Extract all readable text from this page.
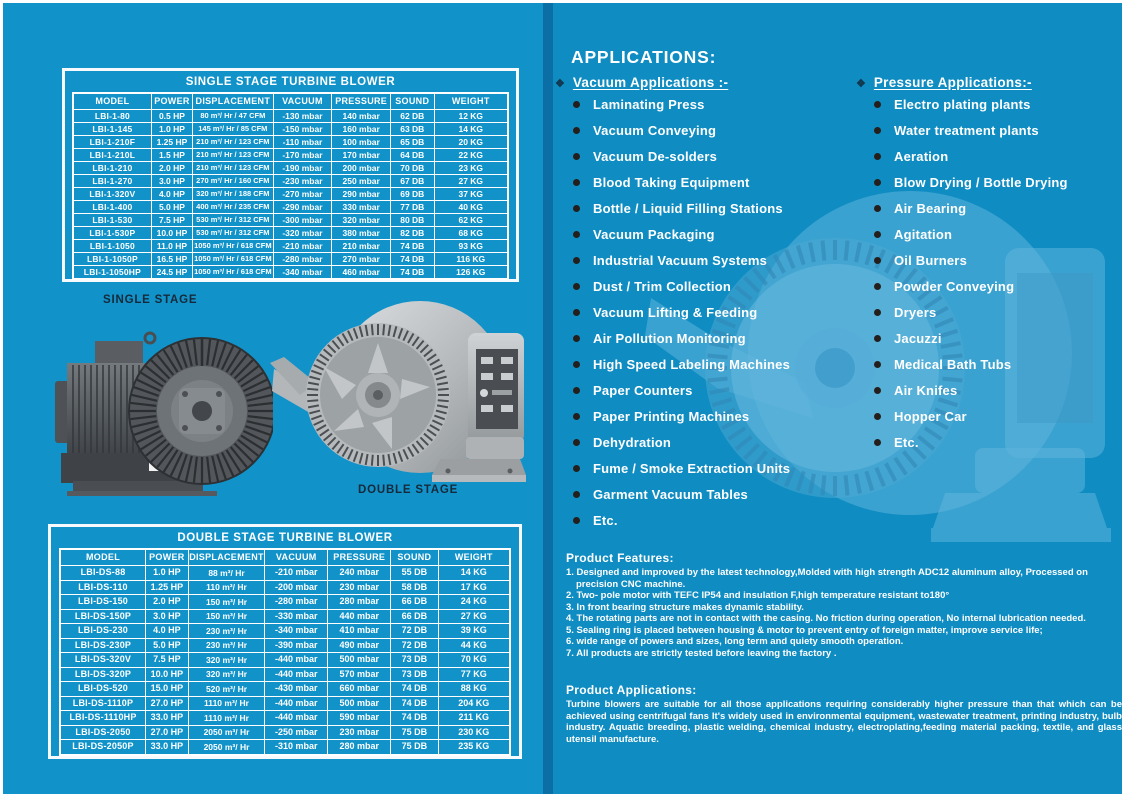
SINGLE STAGE TURBINE BLOWER
MODEL	POWER	DISPLACEMENT	VACUUM	PRESSURE	SOUND	WEIGHT
LBI-1-80	0.5 HP	80 m³/ Hr / 47 CFM	-130 mbar	140 mbar	62 DB	12 KG
LBI-1-145	1.0 HP	145 m³/ Hr / 85 CFM	-150 mbar	160 mbar	63 DB	14 KG
LBI-1-210F	1.25 HP	210 m³/ Hr / 123 CFM	-110 mbar	100 mbar	65 DB	20 KG
LBI-1-210L	1.5 HP	210 m³/ Hr / 123 CFM	-170 mbar	170 mbar	64 DB	22 KG
LBI-1-210	2.0 HP	210 m³/ Hr / 123 CFM	-190 mbar	200 mbar	70 DB	23 KG
LBI-1-270	3.0 HP	270 m³/ Hr / 160 CFM	-230 mbar	250 mbar	67 DB	27 KG
LBI-1-320V	4.0 HP	320 m³/ Hr / 188 CFM	-270 mbar	290 mbar	69 DB	37 KG
LBI-1-400	5.0 HP	400 m³/ Hr / 235 CFM	-290 mbar	330 mbar	77 DB	40 KG
LBI-1-530	7.5 HP	530 m³/ Hr / 312 CFM	-300 mbar	320 mbar	80 DB	62 KG
LBI-1-530P	10.0 HP	530 m³/ Hr / 312 CFM	-320 mbar	380 mbar	82 DB	68 KG
LBI-1-1050	11.0 HP	1050 m³/ Hr / 618 CFM	-210 mbar	210 mbar	74 DB	93 KG
LBI-1-1050P	16.5 HP	1050 m³/ Hr / 618 CFM	-280 mbar	270 mbar	74 DB	116 KG
LBI-1-1050HP	24.5 HP	1050 m³/ Hr / 618 CFM	-340 mbar	460 mbar	74 DB	126 KG
SINGLE STAGE
DOUBLE STAGE
DOUBLE STAGE TURBINE BLOWER
MODEL	POWER	DISPLACEMENT	VACUUM	PRESSURE	SOUND	WEIGHT
LBI-DS-88	1.0 HP	88 m³/ Hr	-210 mbar	240 mbar	55 DB	14 KG
LBI-DS-110	1.25 HP	110 m³/ Hr	-200 mbar	230 mbar	58 DB	17 KG
LBI-DS-150	2.0 HP	150 m³/ Hr	-280 mbar	280 mbar	66 DB	24 KG
LBI-DS-150P	3.0 HP	150 m³/ Hr	-330 mbar	440 mbar	66 DB	27 KG
LBI-DS-230	4.0 HP	230 m³/ Hr	-340 mbar	410 mbar	72 DB	39 KG
LBI-DS-230P	5.0 HP	230 m³/ Hr	-390 mbar	490 mbar	72 DB	44 KG
LBI-DS-320V	7.5 HP	320 m³/ Hr	-440 mbar	500 mbar	73 DB	70 KG
LBI-DS-320P	10.0 HP	320 m³/ Hr	-440 mbar	570 mbar	73 DB	77 KG
LBI-DS-520	15.0 HP	520 m³/ Hr	-430 mbar	660 mbar	74 DB	88 KG
LBI-DS-1110P	27.0 HP	1110 m³/ Hr	-440 mbar	500 mbar	74 DB	204 KG
LBI-DS-1110HP	33.0 HP	1110 m³/ Hr	-440 mbar	590 mbar	74 DB	211 KG
LBI-DS-2050	27.0 HP	2050 m³/ Hr	-250 mbar	230 mbar	75 DB	230 KG
LBI-DS-2050P	33.0 HP	2050 m³/ Hr	-310 mbar	280 mbar	75 DB	235 KG
APPLICATIONS:
❖ Vacuum Applications :-
Laminating Press
Vacuum Conveying
Vacuum De-solders
Blood Taking Equipment
Bottle / Liquid Filling Stations
Vacuum Packaging
Industrial Vacuum Systems
Dust / Trim Collection
Vacuum Lifting & Feeding
Air Pollution Monitoring
High Speed Labeling Machines
Paper Counters
Paper Printing Machines
Dehydration
Fume / Smoke Extraction Units
Garment Vacuum Tables
Etc.
❖ Pressure Applications:-
Electro plating plants
Water treatment plants
Aeration
Blow Drying / Bottle Drying
Air Bearing
Agitation
Oil Burners
Powder Conveying
Dryers
Jacuzzi
Medical Bath Tubs
Air Knifes
Hopper Car
Etc.
Product Features:
1. Designed and improved by the latest technology,Molded with high strength ADC12 aluminum alloy, Processed on precision CNC machine.
2. Two- pole motor with TEFC IP54 and insulation F,high temperature resistant to180°
3. In front bearing structure makes dynamic stability.
4. The rotating parts are not in contact with the casing. No friction during operation, No internal lubrication needed.
5. Sealing ring is placed between housing & motor to prevent entry of foreign matter, improve service life;
6. wide range of powers and sizes, long term and quiety smooth operation.
7. All products are strictly tested before leaving the factory .
Product Applications:

Turbine blowers are suitable for all those applications requiring considerably higher pressure than that which can be achieved using centrifugal fans It's widely used in environmental equipment, wastewater treatment, printing industry, bulb industry. Aquatic breeding, plastic welding, chemical industry, electroplating,feeding material packing, textile, and glass utensil manufacture.
